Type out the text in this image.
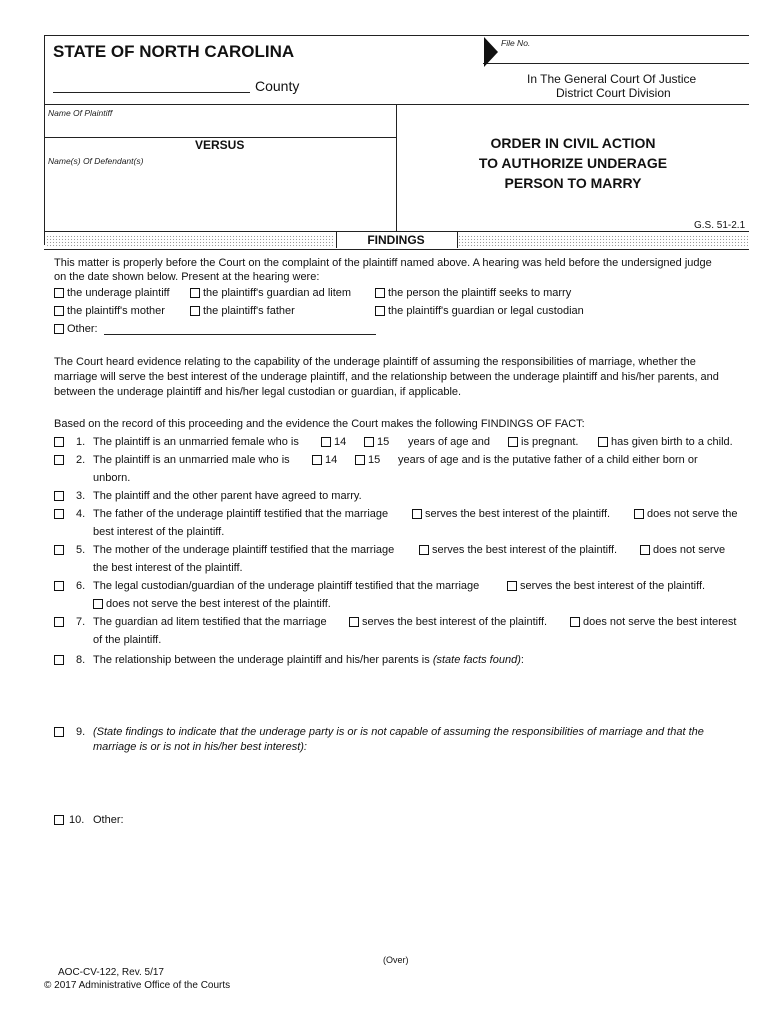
STATE OF NORTH CAROLINA
County
File No.
In The General Court Of Justice
District Court Division
Name Of Plaintiff
VERSUS
Name(s) Of Defendant(s)
ORDER IN CIVIL ACTION
TO AUTHORIZE UNDERAGE
PERSON TO MARRY
G.S. 51-2.1
FINDINGS
This matter is properly before the Court on the complaint of the plaintiff named above. A hearing was held before the undersigned judge
on the date shown below. Present at the hearing were:
the underage plaintiff	the plaintiff's guardian ad litem	the person the plaintiff seeks to marry
the plaintiff's mother	the plaintiff's father	the plaintiff's guardian or legal custodian
Other:
The Court heard evidence relating to the capability of the underage plaintiff of assuming the responsibilities of marriage, whether the
marriage will serve the best interest of the underage plaintiff, and the relationship between the underage plaintiff and his/her parents, and
between the underage plaintiff and his/her legal custodian or guardian, if applicable.
Based on the record of this proceeding and the evidence the Court makes the following FINDINGS OF FACT:
1. The plaintiff is an unmarried female who is	14	15 years of age and	is pregnant.	has given birth to a child.
2. The plaintiff is an unmarried male who is	14	15 years of age and is the putative father of a child either born or
unborn.
3. The plaintiff and the other parent have agreed to marry.
4. The father of the underage plaintiff testified that the marriage	serves the best interest of the plaintiff.	does not serve the
best interest of the plaintiff.
5. The mother of the underage plaintiff testified that the marriage	serves the best interest of the plaintiff.	does not serve
the best interest of the plaintiff.
6. The legal custodian/guardian of the underage plaintiff testified that the marriage	serves the best interest of the plaintiff.
does not serve the best interest of the plaintiff.
7. The guardian ad litem testified that the marriage	serves the best interest of the plaintiff.	does not serve the best interest
of the plaintiff.
8. The relationship between the underage plaintiff and his/her parents is (state facts found):
9. (State findings to indicate that the underage party is or is not capable of assuming the responsibilities of marriage and that the
marriage is or is not in his/her best interest):
10. Other:
(Over)
AOC-CV-122, Rev. 5/17
© 2017 Administrative Office of the Courts
